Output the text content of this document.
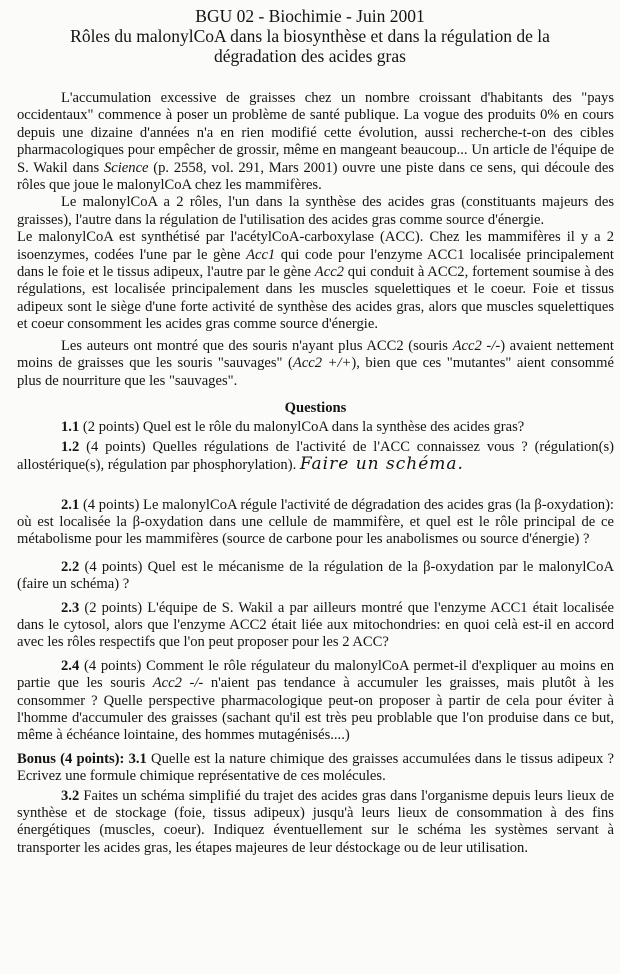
BGU 02 - Biochimie - Juin 2001
Rôles du malonylCoA dans la biosynthèse et dans la régulation de la
dégradation des acides gras

L'accumulation excessive de graisses chez un nombre croissant d'habitants des "pays occidentaux" commence à poser un problème de santé publique. La vogue des produits 0% en cours depuis une dizaine d'années n'a en rien modifié cette évolution, aussi recherche-t-on des cibles pharmacologiques pour empêcher de grossir, même en mangeant beaucoup... Un article de l'équipe de S. Wakil dans Science (p. 2558, vol. 291, Mars 2001) ouvre une piste dans ce sens, qui découle des rôles que joue le malonylCoA chez les mammifères.

Le malonylCoA a 2 rôles, l'un dans la synthèse des acides gras (constituants majeurs des graisses), l'autre dans la régulation de l'utilisation des acides gras comme source d'énergie.

Le malonylCoA est synthétisé par l'acétylCoA-carboxylase (ACC). Chez les mammifères il y a 2 isoenzymes, codées l'une par le gène Acc1 qui code pour l'enzyme ACC1 localisée principalement dans le foie et le tissus adipeux, l'autre par le gène Acc2 qui conduit à ACC2, fortement soumise à des régulations, est localisée principalement dans les muscles squelettiques et le coeur. Foie et tissus adipeux sont le siège d'une forte activité de synthèse des acides gras, alors que muscles squelettiques et coeur consomment les acides gras comme source d'énergie.

Les auteurs ont montré que des souris n'ayant plus ACC2 (souris Acc2 -/-) avaient nettement moins de graisses que les souris "sauvages" (Acc2 +/+), bien que ces "mutantes" aient consommé plus de nourriture que les "sauvages".

Questions

1.1 (2 points) Quel est le rôle du malonylCoA dans la synthèse des acides gras?

1.2 (4 points) Quelles régulations de l'activité de l'ACC connaissez vous ? (régulation(s) allostérique(s), régulation par phosphorylation). Faire un schéma.

2.1 (4 points) Le malonylCoA régule l'activité de dégradation des acides gras (la β-oxydation): où est localisée la β-oxydation dans une cellule de mammifère, et quel est le rôle principal de ce métabolisme pour les mammifères (source de carbone pour les anabolismes ou source d'énergie) ?

2.2 (4 points) Quel est le mécanisme de la régulation de la β-oxydation par le malonylCoA (faire un schéma) ?

2.3 (2 points) L'équipe de S. Wakil a par ailleurs montré que l'enzyme ACC1 était localisée dans le cytosol, alors que l'enzyme ACC2 était liée aux mitochondries: en quoi celà est-il en accord avec les rôles respectifs que l'on peut proposer pour les 2 ACC?

2.4 (4 points) Comment le rôle régulateur du malonylCoA permet-il d'expliquer au moins en partie que les souris Acc2 -/- n'aient pas tendance à accumuler les graisses, mais plutôt à les consommer ? Quelle perspective pharmacologique peut-on proposer à partir de cela pour éviter à l'homme d'accumuler des graisses (sachant qu'il est très peu problable que l'on produise dans ce but, même à échéance lointaine, des hommes mutagénisés....)

Bonus (4 points): 3.1 Quelle est la nature chimique des graisses accumulées dans le tissus adipeux ? Ecrivez une formule chimique représentative de ces molécules.

3.2 Faites un schéma simplifié du trajet des acides gras dans l'organisme depuis leurs lieux de synthèse et de stockage (foie, tissus adipeux) jusqu'à leurs lieux de consommation à des fins énergétiques (muscles, coeur). Indiquez éventuellement sur le schéma les systèmes servant à transporter les acides gras, les étapes majeures de leur déstockage ou de leur utilisation.
